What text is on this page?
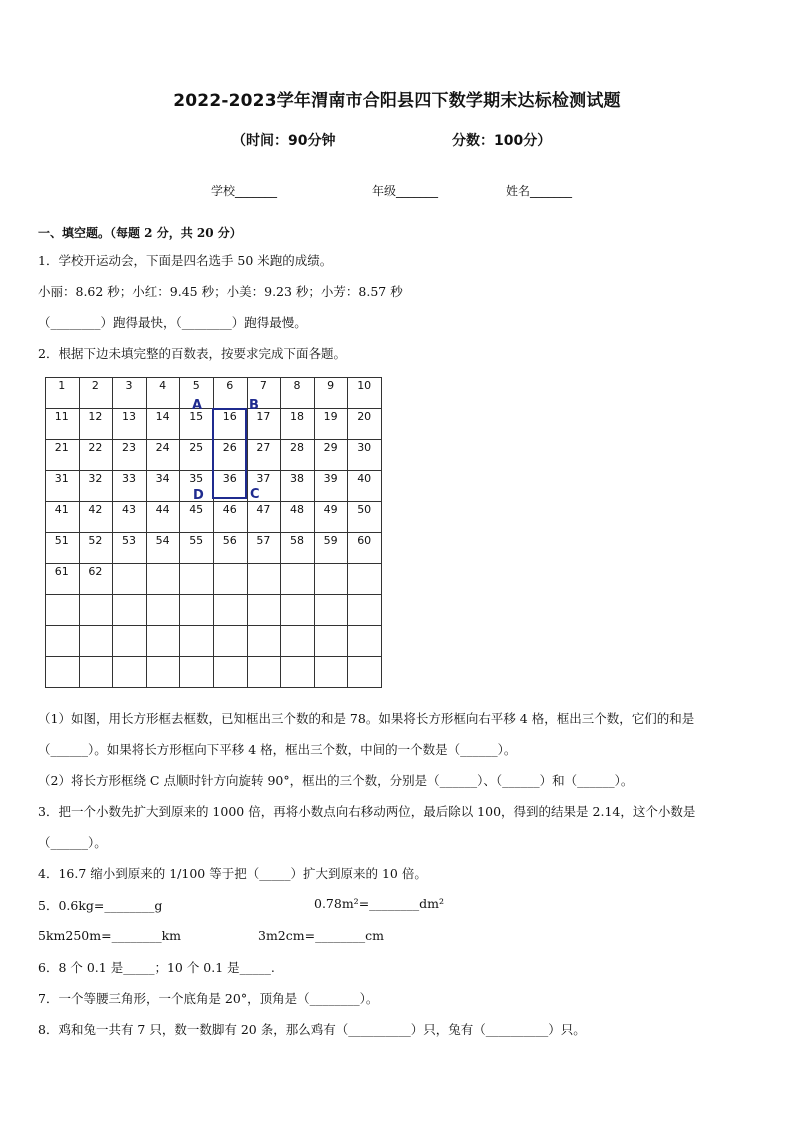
2022-2023学年渭南市合阳县四下数学期末达标检测试题
（时间：90分钟	分数：100分）
学校_______	年级_______	姓名_______
一、填空题。（每题 2 分，共 20 分）
1．学校开运动会，下面是四名选手 50 米跑的成绩。
小丽：8.62 秒；小红：9.45 秒；小美：9.23 秒；小芳：8.57 秒
（________）跑得最快，（________）跑得最慢。
2．根据下边未填完整的百数表，按要求完成下面各题。
1	2	3	4	5	6	7	8	9	10
11	12	13	14	15	16	17	18	19	20
21	22	23	24	25	26	27	28	29	30
31	32	33	34	35	36	37	38	39	40
41	42	43	44	45	46	47	48	49	50
51	52	53	54	55	56	57	58	59	60
61	62
A	B
C
D
（1）如图，用长方形框去框数，已知框出三个数的和是 78。如果将长方形框向右平移 4 格，框出三个数，它们的和是
（______）。如果将长方形框向下平移 4 格，框出三个数，中间的一个数是（______）。
（2）将长方形框绕 C 点顺时针方向旋转 90°，框出的三个数，分别是（______）、（______）和（______）。
3．把一个小数先扩大到原来的 1000 倍，再将小数点向右移动两位，最后除以 100，得到的结果是 2.14，这个小数是
（______）。
4．16.7 缩小到原来的 1/100 等于把（_____）扩大到原来的 10 倍。
5．0.6kg=________g	0.78m²=________dm²
5km250m=________km	3m2cm=________cm
6．8 个 0.1 是_____；10 个 0.1 是_____.
7．一个等腰三角形，一个底角是 20°，顶角是（________）。
8．鸡和兔一共有 7 只，数一数脚有 20 条，那么鸡有（__________）只，兔有（__________）只。
